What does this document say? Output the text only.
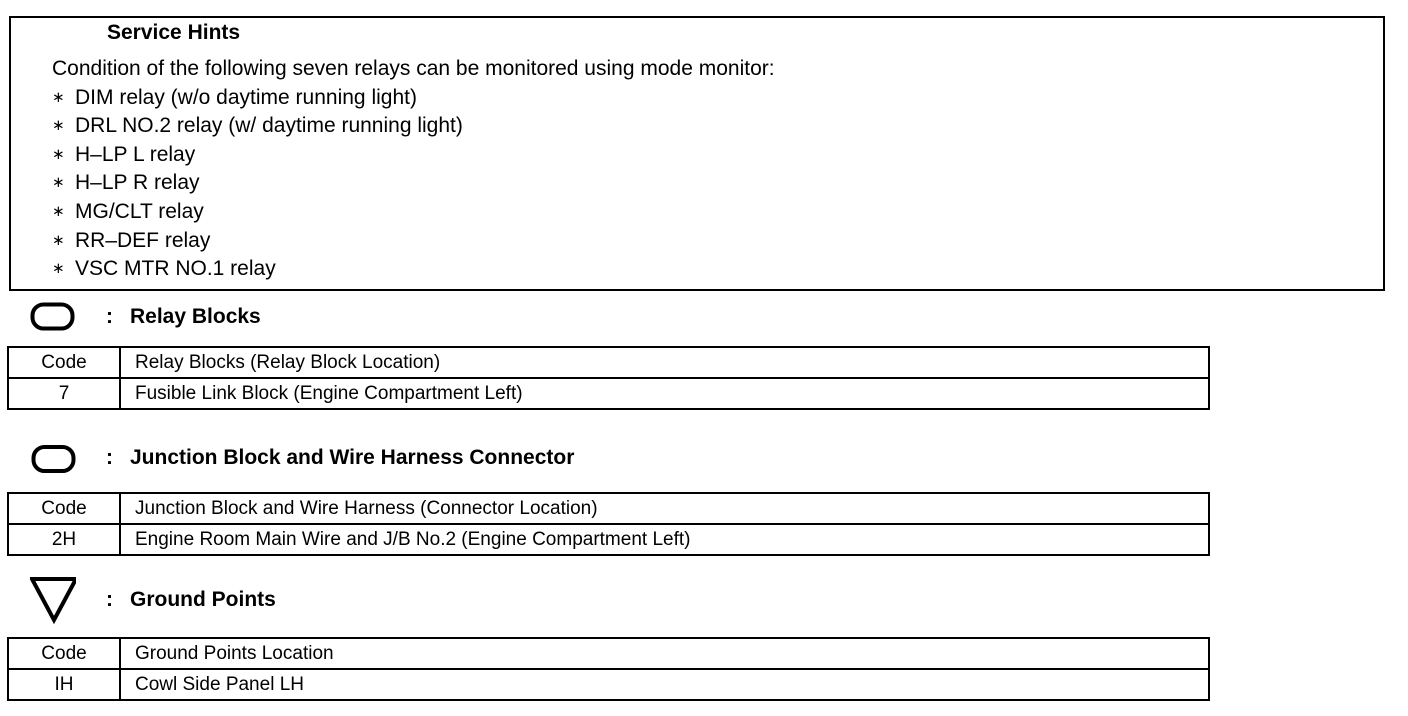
Service Hints
Condition of the following seven relays can be monitored using mode monitor:
∗ DIM relay (w/o daytime running light)
∗ DRL NO.2 relay (w/ daytime running light)
∗ H–LP L relay
∗ H–LP R relay
∗ MG/CLT relay
∗ RR–DEF relay
∗ VSC MTR NO.1 relay
: Relay Blocks
Code	Relay Blocks (Relay Block Location)
7	Fusible Link Block (Engine Compartment Left)
: Junction Block and Wire Harness Connector
Code	Junction Block and Wire Harness (Connector Location)
2H	Engine Room Main Wire and J/B No.2 (Engine Compartment Left)
: Ground Points
Code	Ground Points Location
IH	Cowl Side Panel LH
